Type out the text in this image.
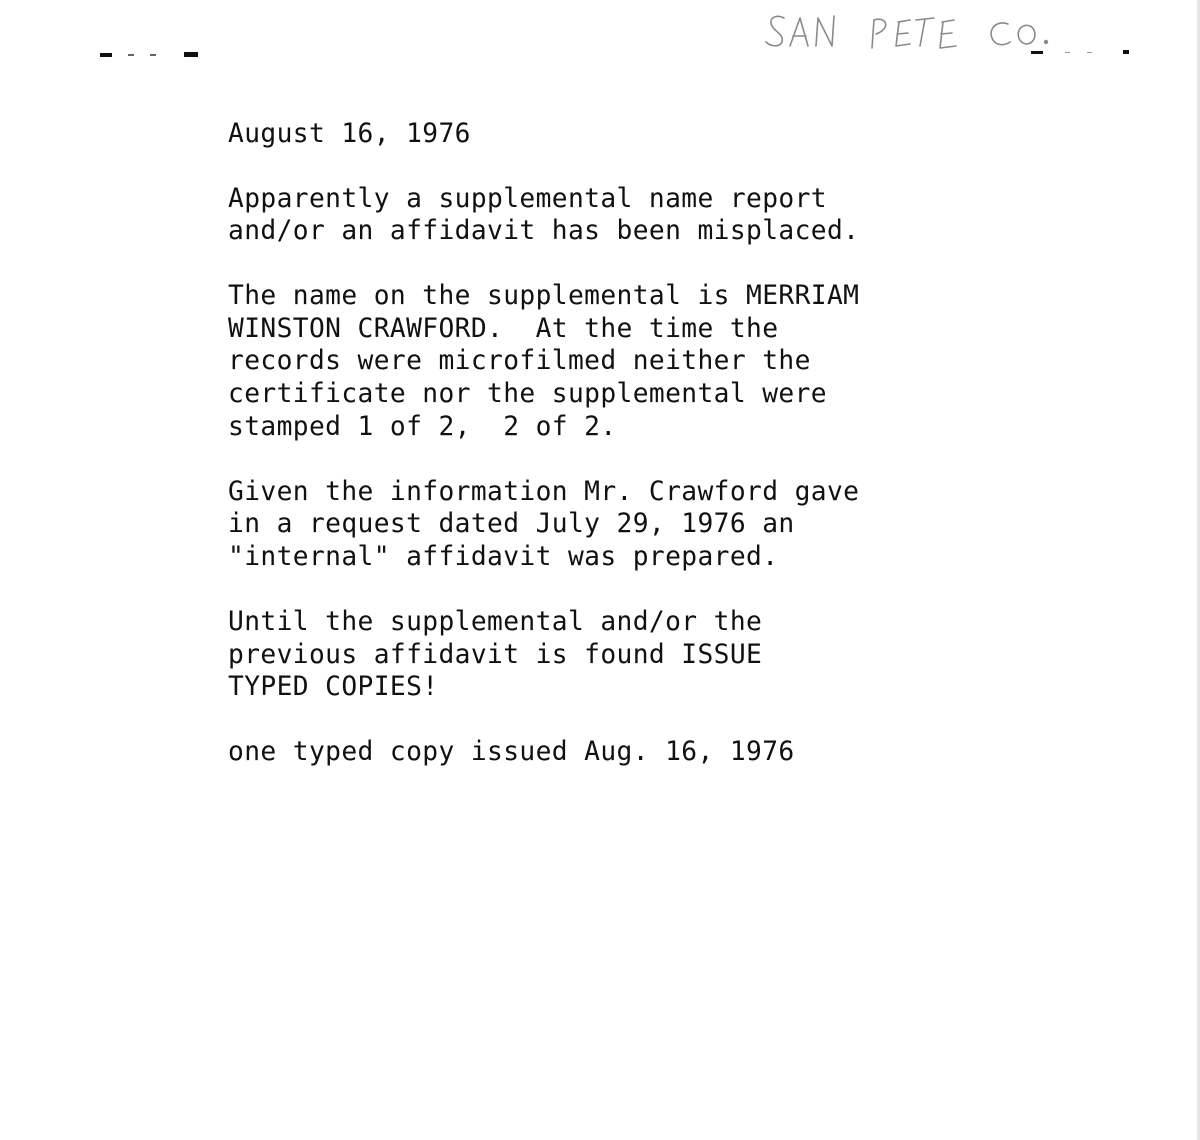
August 16, 1976
Apparently a supplemental name report
and/or an affidavit has been misplaced.
The name on the supplemental is MERRIAM
WINSTON CRAWFORD.  At the time the
records were microfilmed neither the
certificate nor the supplemental were
stamped 1 of 2,  2 of 2.
Given the information Mr. Crawford gave
in a request dated July 29, 1976 an
"internal" affidavit was prepared.
Until the supplemental and/or the
previous affidavit is found ISSUE
TYPED COPIES!
one typed copy issued Aug. 16, 1976
